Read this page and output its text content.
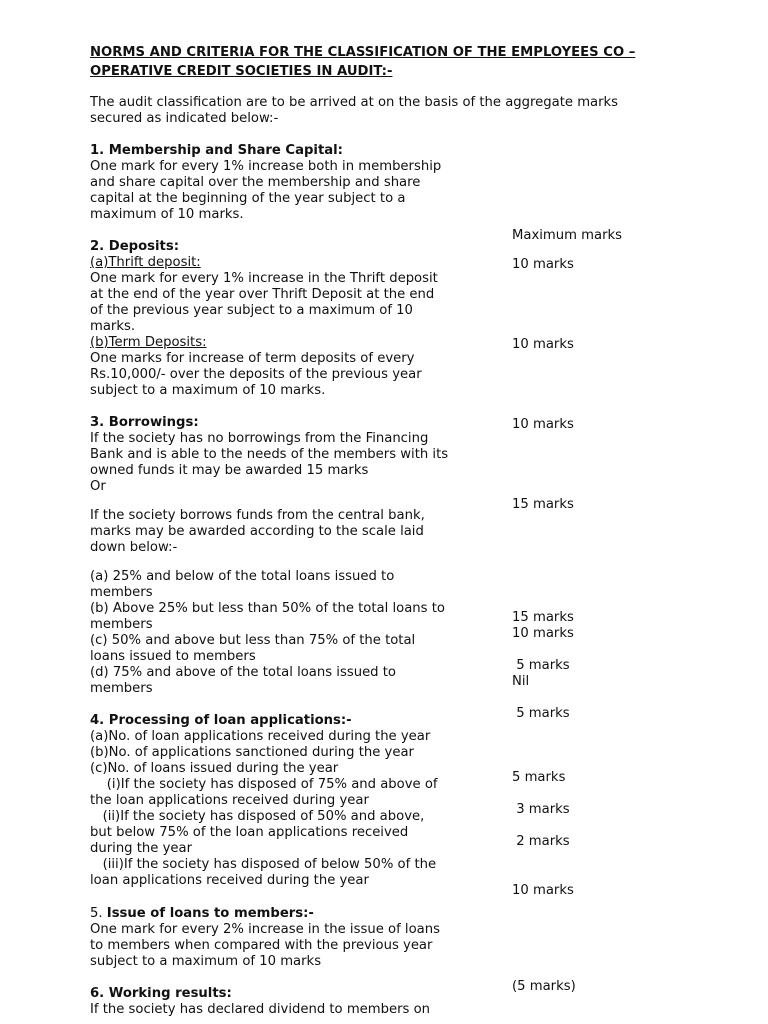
NORMS AND CRITERIA FOR THE CLASSIFICATION OF THE EMPLOYEES CO –
OPERATIVE CREDIT SOCIETIES IN AUDIT:-
The audit classification are to be arrived at on the basis of the aggregate marks
secured as indicated below:-
1. Membership and Share Capital:
One mark for every 1% increase both in membership
and share capital over the membership and share
capital at the beginning of the year subject to a
maximum of 10 marks.
2. Deposits:
(a)Thrift deposit:
One mark for every 1% increase in the Thrift deposit
at the end of the year over Thrift Deposit at the end
of the previous year subject to a maximum of 10
marks.
(b)Term Deposits:
One marks for increase of term deposits of every
Rs.10,000/- over the deposits of the previous year
subject to a maximum of 10 marks.
3. Borrowings:
If the society has no borrowings from the Financing
Bank and is able to the needs of the members with its
owned funds it may be awarded 15 marks
Or
If the society borrows funds from the central bank,
marks may be awarded according to the scale laid
down below:-
(a) 25% and below of the total loans issued to
members
(b) Above 25% but less than 50% of the total loans to
members
(c) 50% and above but less than 75% of the total
loans issued to members
(d) 75% and above of the total loans issued to
members
4. Processing of loan applications:-
(a)No. of loan applications received during the year
(b)No. of applications sanctioned during the year
(c)No. of loans issued during the year
(i)If the society has disposed of 75% and above of
the loan applications received during year
(ii)If the society has disposed of 50% and above,
but below 75% of the loan applications received
during the year
(iii)If the society has disposed of below 50% of the
loan applications received during the year
5. Issue of loans to members:-
One mark for every 2% increase in the issue of loans
to members when compared with the previous year
subject to a maximum of 10 marks
6. Working results:
If the society has declared dividend to members on
Maximum marks
10 marks
10 marks
10 marks
15 marks
15 marks
10 marks
5 marks
Nil
5 marks
5 marks
3 marks
2 marks
10 marks
(5 marks)
